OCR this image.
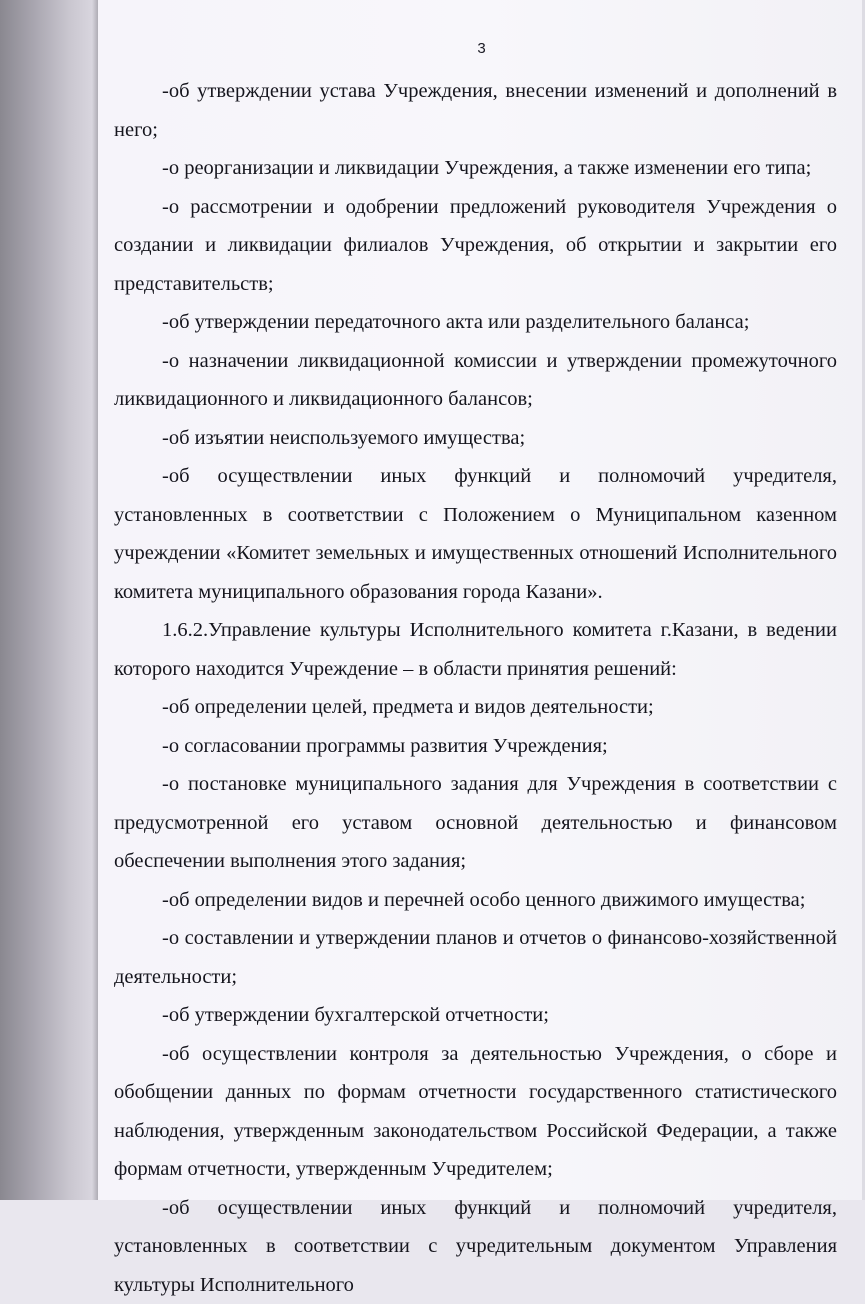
3

-об утверждении устава Учреждения, внесении изменений и дополнений в него;

-о реорганизации и ликвидации Учреждения, а также изменении его типа;

-о рассмотрении и одобрении предложений руководителя Учреждения о создании и ликвидации филиалов Учреждения, об открытии и закрытии его представительств;

-об утверждении передаточного акта или разделительного баланса;

-о назначении ликвидационной комиссии и утверждении промежуточного ликвидационного и ликвидационного балансов;

-об изъятии неиспользуемого имущества;

-об осуществлении иных функций и полномочий учредителя, установленных в соответствии с Положением о Муниципальном казенном учреждении «Комитет земельных и имущественных отношений Исполнительного комитета муниципального образования города Казани».

1.6.2.Управление культуры Исполнительного комитета г.Казани, в ведении которого находится Учреждение – в области принятия решений:

-об определении целей, предмета и видов деятельности;

-о согласовании программы развития Учреждения;

-о постановке муниципального задания для Учреждения в соответствии с предусмотренной его уставом основной деятельностью и финансовом обеспечении выполнения этого задания;

-об определении видов и перечней особо ценного движимого имущества;

-о составлении и утверждении планов и отчетов о финансово-хозяйственной деятельности;

-об утверждении бухгалтерской отчетности;

-об осуществлении контроля за деятельностью Учреждения, о сборе и обобщении данных по формам отчетности государственного статистического наблюдения, утвержденным законодательством Российской Федерации, а также формам отчетности, утвержденным Учредителем;

-об осуществлении иных функций и полномочий учредителя, установленных в соответствии с учредительным документом Управления культуры Исполнительного
